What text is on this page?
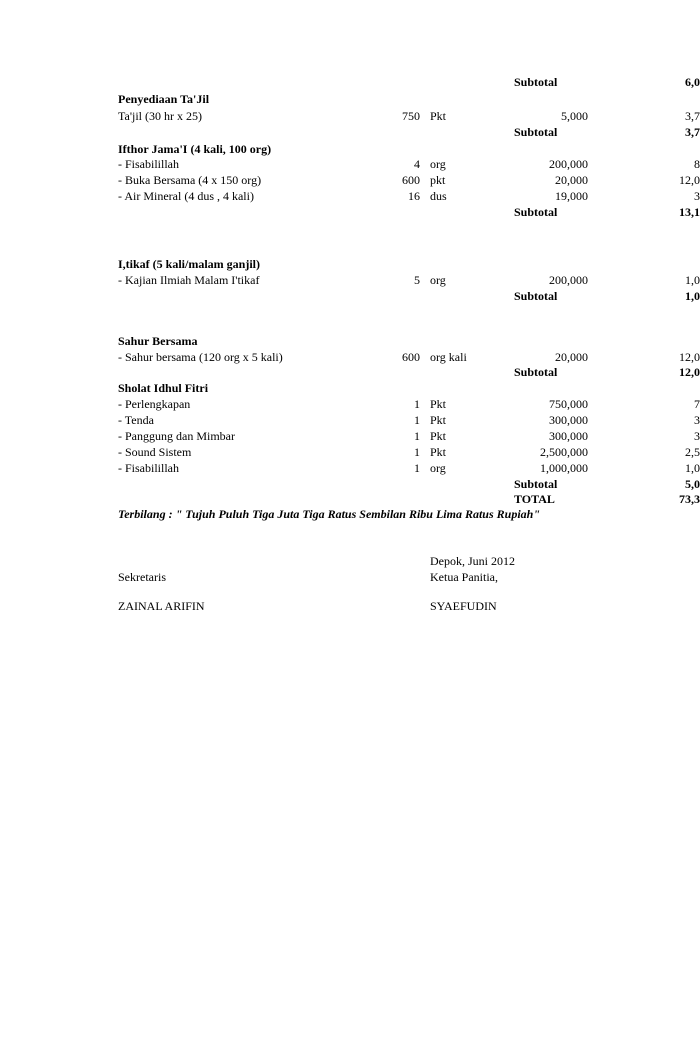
Subtotal	6,0
Penyediaan Ta'Jil
Ta'jil (30 hr x 25)	750 Pkt	5,000	3,7
Subtotal	3,7
Ifthor Jama'I (4 kali, 100 org)
- Fisabilillah	4 org	200,000	8
- Buka Bersama (4 x 150 org)	600 pkt	20,000	12,0
- Air Mineral (4 dus , 4 kali)	16 dus	19,000	3
Subtotal	13,1
I,tikaf (5 kali/malam ganjil)
- Kajian Ilmiah Malam I'tikaf	5 org	200,000	1,0
Subtotal	1,0
Sahur Bersama
- Sahur bersama (120 org x 5 kali)	600 org kali	20,000	12,0
Subtotal	12,0
Sholat Idhul Fitri
- Perlengkapan	1 Pkt	750,000	7
- Tenda	1 Pkt	300,000	3
- Panggung dan Mimbar	1 Pkt	300,000	3
- Sound Sistem	1 Pkt	2,500,000	2,5
- Fisabilillah	1 org	1,000,000	1,0
Subtotal	5,0
TOTAL	73,3
Terbilang : " Tujuh Puluh Tiga Juta Tiga Ratus Sembilan Ribu Lima Ratus Rupiah"
Depok, Juni 2012
Sekretaris	Ketua Panitia,
ZAINAL ARIFIN	SYAEFUDIN
